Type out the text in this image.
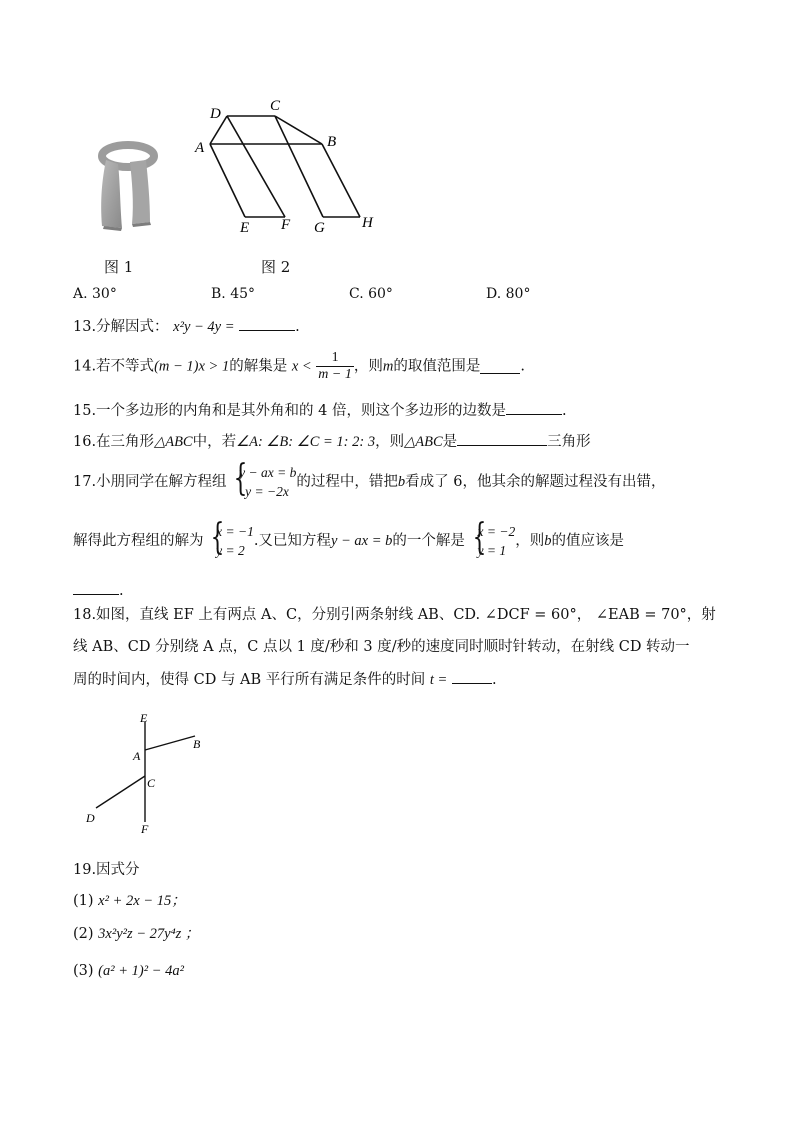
图 1
D	C
A	B
E F G H
图 2
A. 30°	B. 45°	C. 60°	D. 80°
13.分解因式： x²y − 4y =	.
14.若不等式(m − 1)x > 1的解集是 $x < \frac{1}{m - 1}$ ，则m的取值范围是	.
15.一个多边形的内角和是其外角和的 4 倍，则这个多边形的边数是	.
16.在三角形△ABC中，若∠A: ∠B: ∠C = 1: 2: 3，则△ABC是	三角形
17.小朋同学在解方程组 {
y − ax = b
y = −2x
的过程中，错把b看成了 6，他其余的解题过程没有出错，
解得此方程组的解为 {
x = −1
y = 2
.又已知方程y − ax = b的一个解是 {
x = −2
y = 1
，则b的值应该是
.
18.如图，直线 EF 上有两点 A、C，分别引两条射线 AB、CD. ∠DCF = 60°， ∠EAB = 70°，射
线 AB、CD 分别绕 A 点，C 点以 1 度/秒和 3 度/秒的速度同时顺时针转动，在射线 CD 转动一
周的时间内，使得 CD 与 AB 平行所有满足条件的时间 t =	.
E
A
B
C
D
F
19.因式分
(1) x² + 2x − 15；
(2) 3x²y²z − 27y⁴z ；
(3) (a² + 1)² − 4a²
